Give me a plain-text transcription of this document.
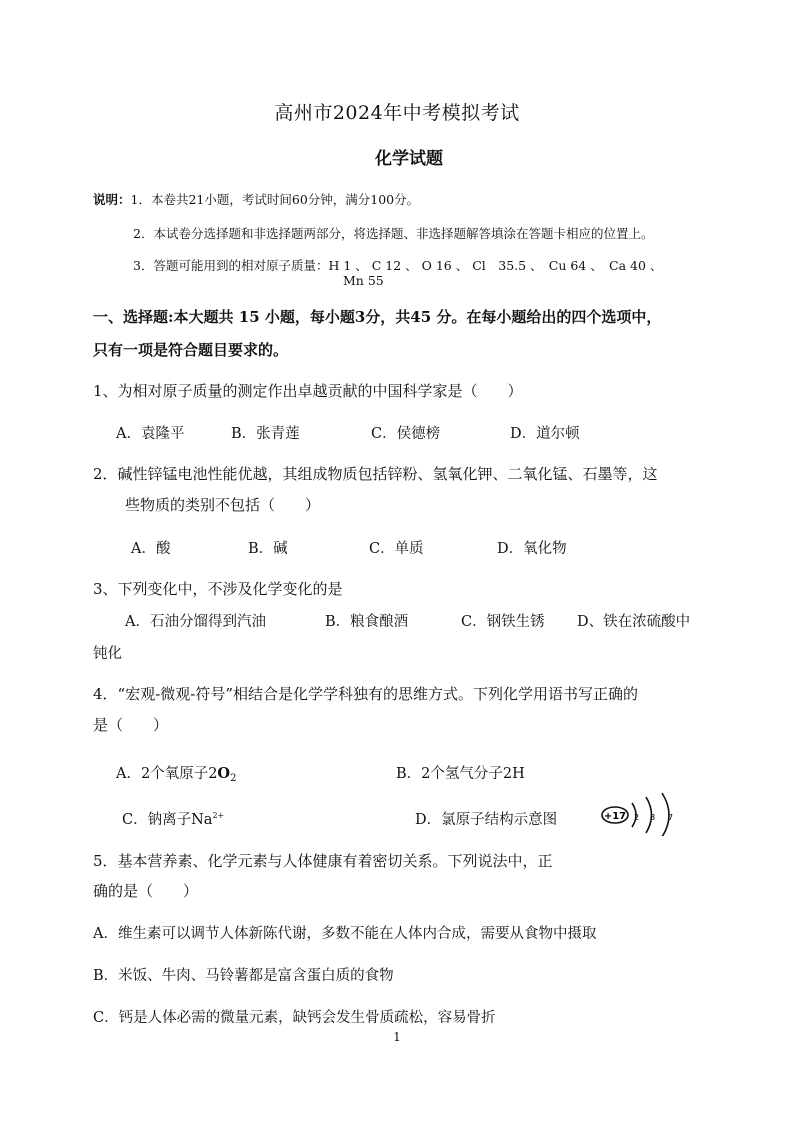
高州市2024年中考模拟考试
化学试题
说明：1．本卷共21小题，考试时间60分钟，满分100分。
2．本试卷分选择题和非选择题两部分，将选择题、非选择题解答填涂在答题卡相应的位置上。
3．答题可能用到的相对原子质量：H 1 、 C 12 、 O 16 、 Cl　35.5 、　Cu 64 、　Ca 40 、
Mn 55
一、选择题:本大题共 15 小题，每小题3分，共45 分。在每小题给出的四个选项中，
只有一项是符合题目要求的。
1、为相对原子质量的测定作出卓越贡献的中国科学家是（　　）
A．袁隆平	B．张青莲	C．侯德榜	D．道尔顿
2．碱性锌锰电池性能优越，其组成物质包括锌粉、氢氧化钾、二氧化锰、石墨等，这
些物质的类别不包括（　　）
A．酸	B．碱	C．单质	D．氧化物
3、下列变化中，不涉及化学变化的是
A．石油分馏得到汽油	B．粮食酿酒	C．钢铁生锈 D、铁在浓硫酸中
钝化
4．“宏观-微观-符号”相结合是化学学科独有的思维方式。下列化学用语书写正确的
是（　　）
A．2个氧原子$2O_2$	B．2个氢气分子2H
C．钠离子$Na^{2+}$	D．氯原子结构示意图	+17 2 8 7
5．基本营养素、化学元素与人体健康有着密切关系。下列说法中，正
确的是（　　）
A．维生素可以调节人体新陈代谢，多数不能在人体内合成，需要从食物中摄取
B．米饭、牛肉、马铃薯都是富含蛋白质的食物
C．钙是人体必需的微量元素，缺钙会发生骨质疏松，容易骨折
1
